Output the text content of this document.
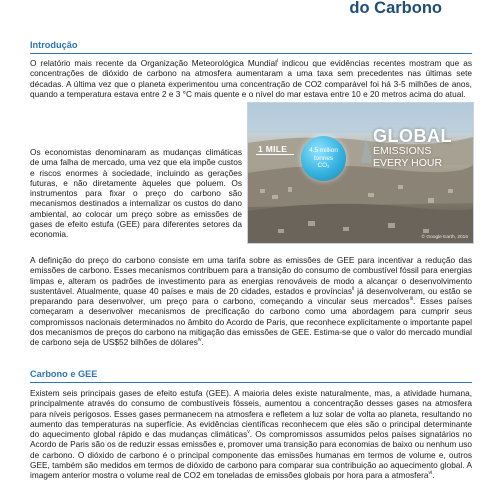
do Carbono
Introdução

O relatório mais recente da Organização Meteorológica Mundial$^i$ indicou que evidências recentes mostram que as concentrações de dióxido de carbono na atmosfera aumentaram a uma taxa sem precedentes nas últimas sete décadas. A última vez que o planeta experimentou uma concentração de CO2 comparável foi há 3-5 milhões de anos, quando a temperatura estava entre 2 e 3 °C mais quente e o nível do mar estava entre 10 e 20 metros acima do atual.

Os economistas denominaram as mudanças climáticas de uma falha de mercado, uma vez que ela impõe custos e riscos enormes à sociedade, incluindo as gerações futuras, e não diretamente àqueles que poluem. Os instrumentos para fixar o preço do carbono são mecanismos destinados a internalizar os custos do dano ambiental, ao colocar um preço sobre as emissões de gases de efeito estufa (GEE) para diferentes setores da economia.

1 MILE	4.5 million
tonnes
CO₂
GLOBAL
EMISSIONS
EVERY HOUR
© Google Earth, 2016

A definição do preço do carbono consiste em uma tarifa sobre as emissões de GEE para incentivar a redução das emissões de carbono. Esses mecanismos contribuem para a transição do consumo de combustível fóssil para energias limpas e, alteram os padrões de investimento para as energias renováveis de modo a alcançar o desenvolvimento sustentável. Atualmente, quase 40 países e mais de 20 cidades, estados e províncias$^{ii}$ já desenvolveram, ou estão se preparando para desenvolver, um preço para o carbono, começando a vincular seus mercados$^{iii}$. Esses países começaram a desenvolver mecanismos de precificação do carbono como uma abordagem para cumprir seus compromissos nacionais determinados no âmbito do Acordo de Paris, que reconhece explicitamente o importante papel dos mecanismos de preços do carbono na mitigação das emissões de GEE. Estima-se que o valor do mercado mundial de carbono seja de US$52 bilhões de dólares$^{iv}$.

Carbono e GEE

Existem seis principais gases de efeito estufa (GEE). A maioria deles existe naturalmente, mas, a atividade humana, principalmente através do consumo de combustíveis fósseis, aumentou a concentração desses gases na atmosfera para níveis perigosos. Esses gases permanecem na atmosfera e refletem a luz solar de volta ao planeta, resultando no aumento das temperaturas na superfície. As evidências científicas reconhecem que eles são o principal determinante do aquecimento global rápido e das mudanças climáticas$^v$. Os compromissos assumidos pelos países signatários no Acordo de Paris são os de reduzir essas emissões e, promover uma transição para economias de baixo ou nenhum uso de carbono. O dióxido de carbono é o principal componente das emissões humanas em termos de volume e, outros GEE, também são medidos em termos de dióxido de carbono para comparar sua contribuição ao aquecimento global. A imagem anterior mostra o volume real de CO2 em toneladas de emissões globais por hora para a atmosfera$^{vi}$.
